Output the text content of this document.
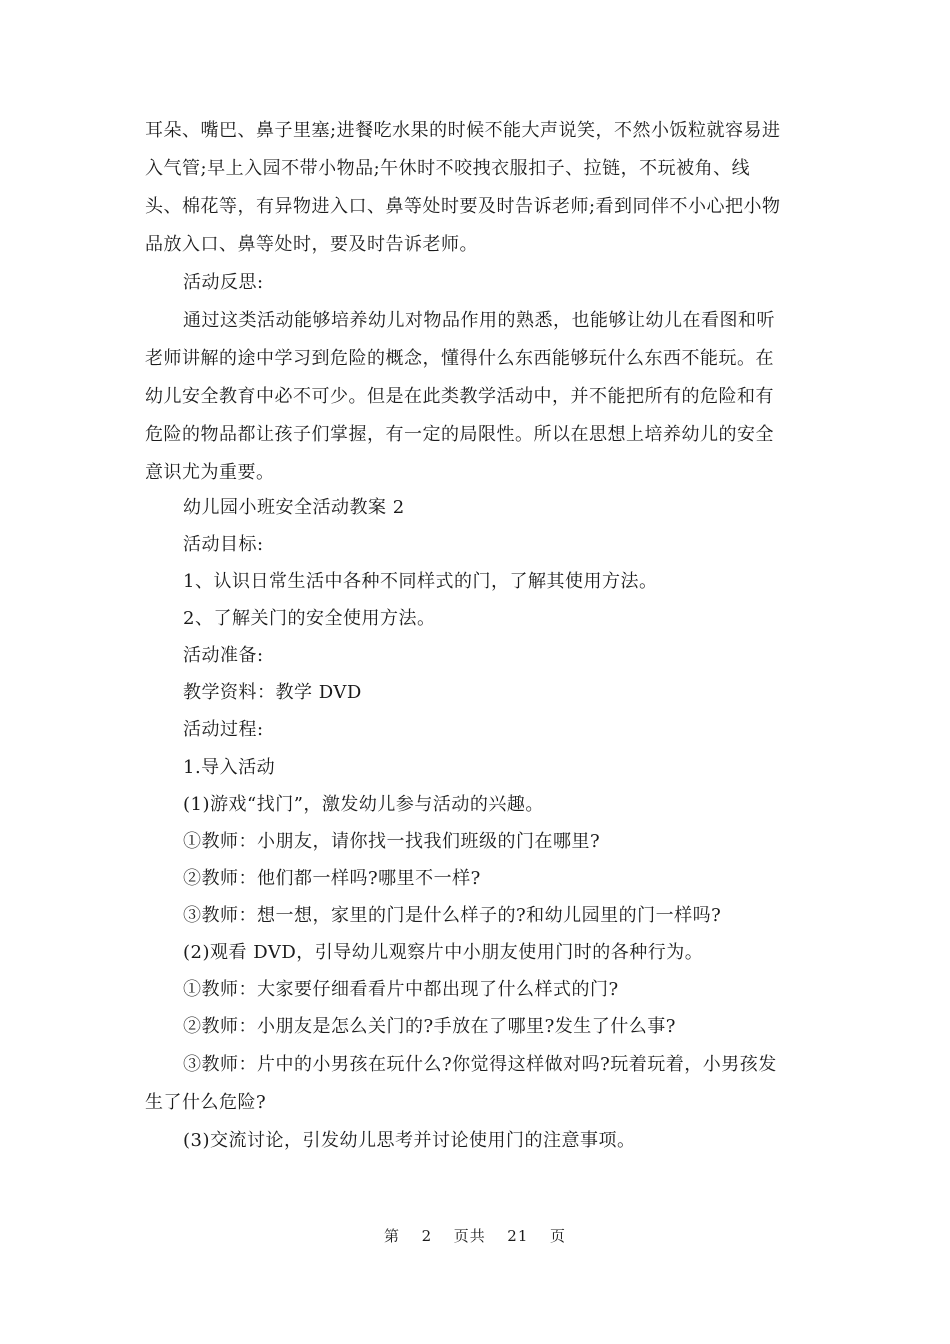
耳朵、嘴巴、鼻子里塞;进餐吃水果的时候不能大声说笑，不然小饭粒就容易进
入气管;早上入园不带小物品;午休时不咬拽衣服扣子、拉链，不玩被角、线
头、棉花等，有异物进入口、鼻等处时要及时告诉老师;看到同伴不小心把小物
品放入口、鼻等处时，要及时告诉老师。
活动反思:
通过这类活动能够培养幼儿对物品作用的熟悉，也能够让幼儿在看图和听
老师讲解的途中学习到危险的概念，懂得什么东西能够玩什么东西不能玩。在
幼儿安全教育中必不可少。但是在此类教学活动中，并不能把所有的危险和有
危险的物品都让孩子们掌握，有一定的局限性。所以在思想上培养幼儿的安全
意识尤为重要。
幼儿园小班安全活动教案 2
活动目标:
1、认识日常生活中各种不同样式的门，了解其使用方法。
2、了解关门的安全使用方法。
活动准备:
教学资料：教学 DVD
活动过程:
1.导入活动
(1)游戏“找门”，激发幼儿参与活动的兴趣。
①教师：小朋友，请你找一找我们班级的门在哪里?
②教师：他们都一样吗?哪里不一样?
③教师：想一想，家里的门是什么样子的?和幼儿园里的门一样吗?
(2)观看 DVD，引导幼儿观察片中小朋友使用门时的各种行为。
①教师：大家要仔细看看片中都出现了什么样式的门?
②教师：小朋友是怎么关门的?手放在了哪里?发生了什么事?
③教师：片中的小男孩在玩什么?你觉得这样做对吗?玩着玩着，小男孩发
生了什么危险?
(3)交流讨论，引发幼儿思考并讨论使用门的注意事项。
第 2 页共 21 页
